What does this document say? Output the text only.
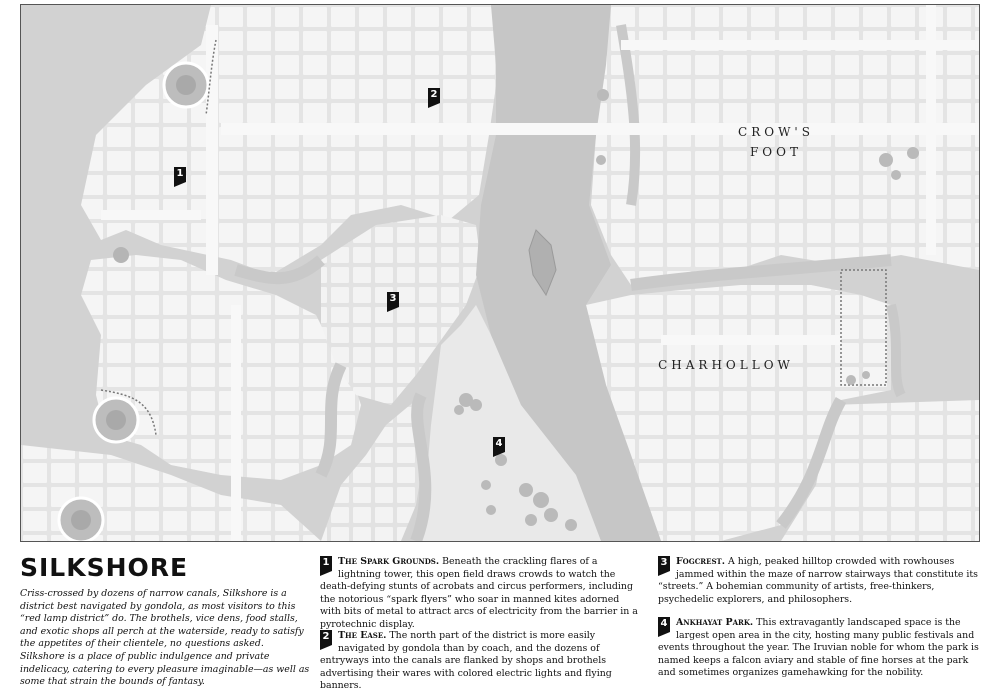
CROW'S
FOOT
CHARHOLLOW
1
2
3
4
SILKSHORE

Criss-crossed by dozens of narrow canals, Silkshore is a district best navigated by gondola, as most visitors to this “red lamp district” do. The brothels, vice dens, food stalls, and exotic shops all perch at the waterside, ready to satisfy the appetites of their clientele, no questions asked. Silkshore is a place of public indulgence and private indelicacy, catering to every pleasure imaginable—as well as some that strain the bounds of fantasy.

1 The Spark Grounds. Beneath the crackling flares of a lightning tower, this open field draws crowds to watch the death-defying stunts of acrobats and circus performers, including the notorious “spark flyers” who soar in manned kites adorned with bits of metal to attract arcs of electricity from the barrier in a pyrotechnic display.
2 The Ease. The north part of the district is more easily navigated by gondola than by coach, and the dozens of entryways into the canals are flanked by shops and brothels advertising their wares with colored electric lights and flying banners.
3 Fogcrest. A high, peaked hilltop crowded with rowhouses jammed within the maze of narrow stairways that constitute its “streets.” A bohemian community of artists, free-thinkers, psychedelic explorers, and philosophers.
4 Ankhayat Park. This extravagantly landscaped space is the largest open area in the city, hosting many public festivals and events throughout the year. The Iruvian noble for whom the park is named keeps a falcon aviary and stable of fine horses at the park and sometimes organizes gamehawking for the nobility.
